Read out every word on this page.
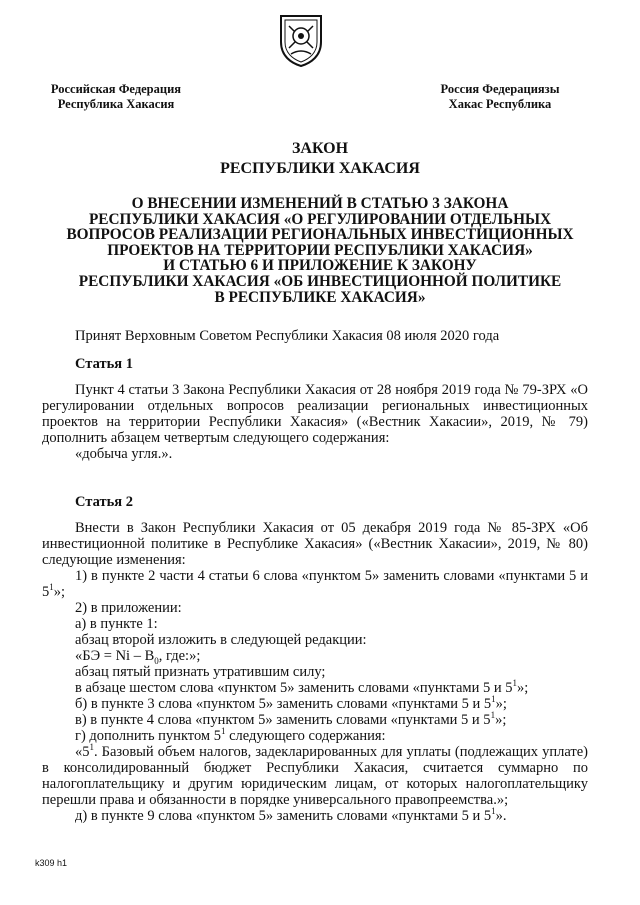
Российская Федерация
Республика Хакасия
Россия Федерациязы
Хакас Республика
ЗАКОН
РЕСПУБЛИКИ ХАКАСИЯ
О ВНЕСЕНИИ ИЗМЕНЕНИЙ В СТАТЬЮ 3 ЗАКОНА
РЕСПУБЛИКИ ХАКАСИЯ «О РЕГУЛИРОВАНИИ ОТДЕЛЬНЫХ
ВОПРОСОВ РЕАЛИЗАЦИИ РЕГИОНАЛЬНЫХ ИНВЕСТИЦИОННЫХ
ПРОЕКТОВ НА ТЕРРИТОРИИ РЕСПУБЛИКИ ХАКАСИЯ»
И СТАТЬЮ 6 И ПРИЛОЖЕНИЕ К ЗАКОНУ
РЕСПУБЛИКИ ХАКАСИЯ «ОБ ИНВЕСТИЦИОННОЙ ПОЛИТИКЕ
В РЕСПУБЛИКЕ ХАКАСИЯ»

Принят Верховным Советом Республики Хакасия 08 июля 2020 года

Статья 1

Пункт 4 статьи 3 Закона Республики Хакасия от 28 ноября 2019 года № 79-ЗРХ «О регулировании отдельных вопросов реализации региональных инвестиционных проектов на территории Республики Хакасия» («Вестник Хакасии», 2019, № 79) дополнить абзацем четвертым следующего содержания:

«добыча угля.».

Статья 2

Внести в Закон Республики Хакасия от 05 декабря 2019 года № 85-ЗРХ «Об инвестиционной политике в Республике Хакасия» («Вестник Хакасии», 2019, № 80) следующие изменения:

1) в пункте 2 части 4 статьи 6 слова «пунктом 5» заменить словами «пунктами 5 и $5^1$»;

2) в приложении:

а) в пункте 1:

абзац второй изложить в следующей редакции:

«БЭ = Ni – $B_0$, где:»;

абзац пятый признать утратившим силу;

в абзаце шестом слова «пунктом 5» заменить словами «пунктами 5 и $5^1$»;

б) в пункте 3 слова «пунктом 5» заменить словами «пунктами 5 и $5^1$»;

в) в пункте 4 слова «пунктом 5» заменить словами «пунктами 5 и $5^1$»;

г) дополнить пунктом $5^1$ следующего содержания:

«$5^1$. Базовый объем налогов, задекларированных для уплаты (подлежащих уплате) в консолидированный бюджет Республики Хакасия, считается суммарно по налогоплательщику и другим юридическим лицам, от которых налогоплательщику перешли права и обязанности в порядке универсального правопреемства.»;

д) в пункте 9 слова «пунктом 5» заменить словами «пунктами 5 и $5^1$».

k309 h1
